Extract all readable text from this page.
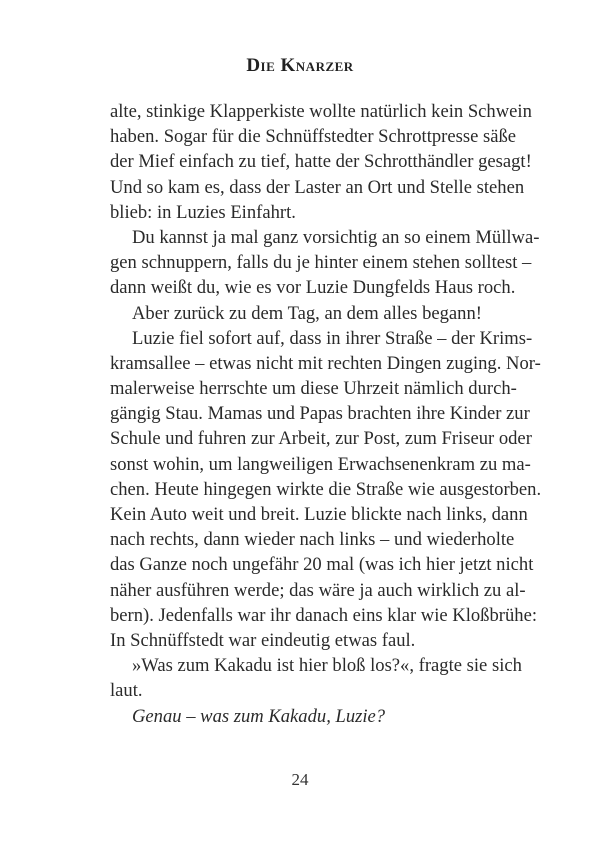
Die Knarzer
alte, stinkige Klapperkiste wollte natürlich kein Schwein
haben. Sogar für die Schnüffstedter Schrottpresse säße
der Mief einfach zu tief, hatte der Schrotthändler gesagt!
Und so kam es, dass der Laster an Ort und Stelle stehen
blieb: in Luzies Einfahrt.
Du kannst ja mal ganz vorsichtig an so einem Müllwa-
gen schnuppern, falls du je hinter einem stehen solltest –
dann weißt du, wie es vor Luzie Dungfelds Haus roch.
Aber zurück zu dem Tag, an dem alles begann!
Luzie fiel sofort auf, dass in ihrer Straße – der Krims-
kramsallee – etwas nicht mit rechten Dingen zuging. Nor-
malerweise herrschte um diese Uhrzeit nämlich durch-
gängig Stau. Mamas und Papas brachten ihre Kinder zur
Schule und fuhren zur Arbeit, zur Post, zum Friseur oder
sonst wohin, um langweiligen Erwachsenenkram zu ma-
chen. Heute hingegen wirkte die Straße wie ausgestorben.
Kein Auto weit und breit. Luzie blickte nach links, dann
nach rechts, dann wieder nach links – und wiederholte
das Ganze noch ungefähr 20 mal (was ich hier jetzt nicht
näher ausführen werde; das wäre ja auch wirklich zu al-
bern). Jedenfalls war ihr danach eins klar wie Kloßbrühe:
In Schnüffstedt war eindeutig etwas faul.
»Was zum Kakadu ist hier bloß los?«, fragte sie sich
laut.
Genau – was zum Kakadu, Luzie?
24
